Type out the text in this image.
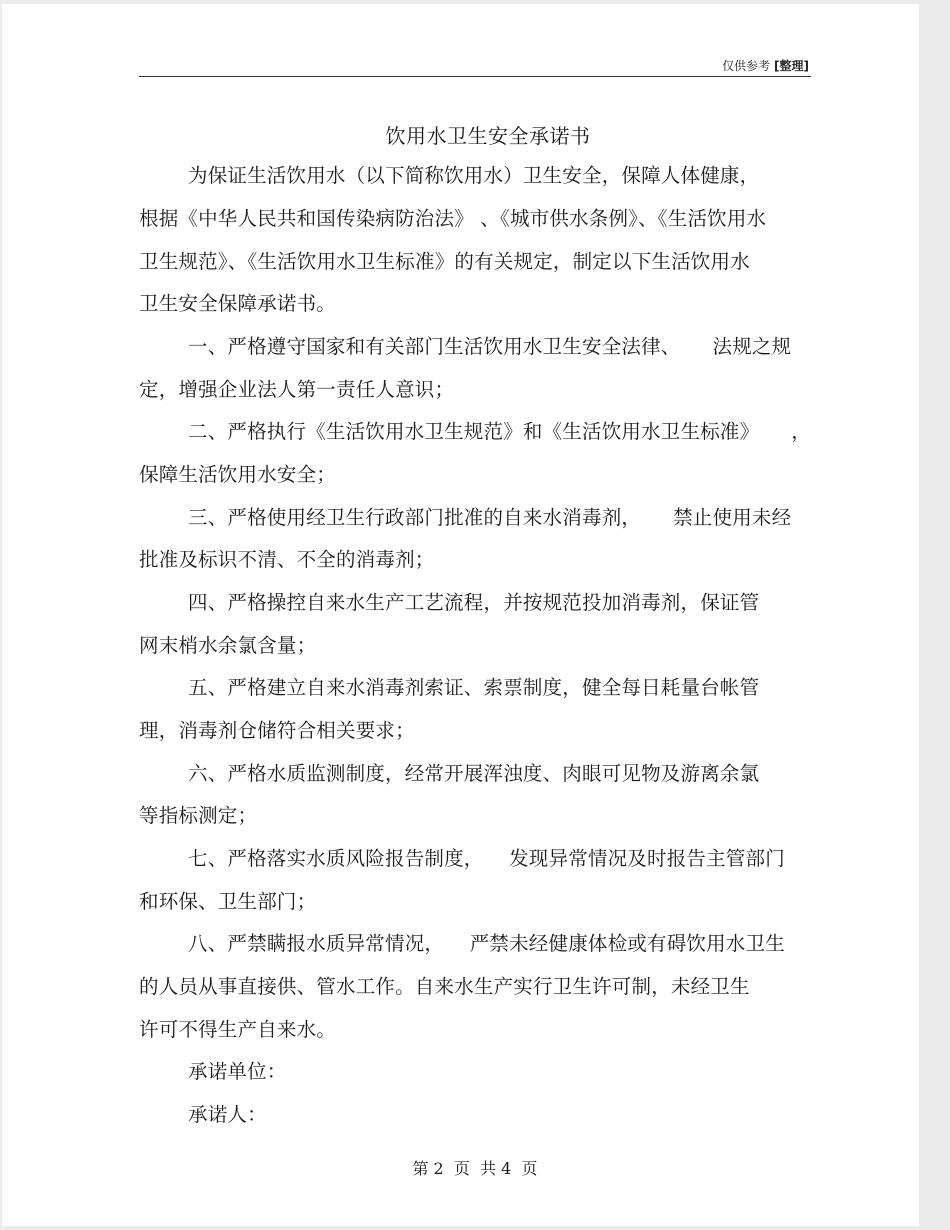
仅供参考 [整理]
饮用水卫生安全承诺书
为保证生活饮用水（以下简称饮用水）卫生安全，保障人体健康，
根据《中华人民共和国传染病防治法》 、《城市供水条例》、《生活饮用水
卫生规范》、《生活饮用水卫生标准》的有关规定，制定以下生活饮用水
卫生安全保障承诺书。
一、严格遵守国家和有关部门生活饮用水卫生安全法律、     法规之规
定，增强企业法人第一责任人意识；
二、严格执行《生活饮用水卫生规范》和《生活饮用水卫生标准》     ，
保障生活饮用水安全；
三、严格使用经卫生行政部门批准的自来水消毒剂，     禁止使用未经
批准及标识不清、不全的消毒剂；
四、严格操控自来水生产工艺流程，并按规范投加消毒剂，保证管
网末梢水余氯含量；
五、严格建立自来水消毒剂索证、索票制度，健全每日耗量台帐管
理，消毒剂仓储符合相关要求；
六、严格水质监测制度，经常开展浑浊度、肉眼可见物及游离余氯
等指标测定；
七、严格落实水质风险报告制度，    发现异常情况及时报告主管部门
和环保、卫生部门；
八、严禁瞒报水质异常情况，    严禁未经健康体检或有碍饮用水卫生
的人员从事直接供、管水工作。自来水生产实行卫生许可制，未经卫生
许可不得生产自来水。
承诺单位：
承诺人：
第 2  页  共 4  页
